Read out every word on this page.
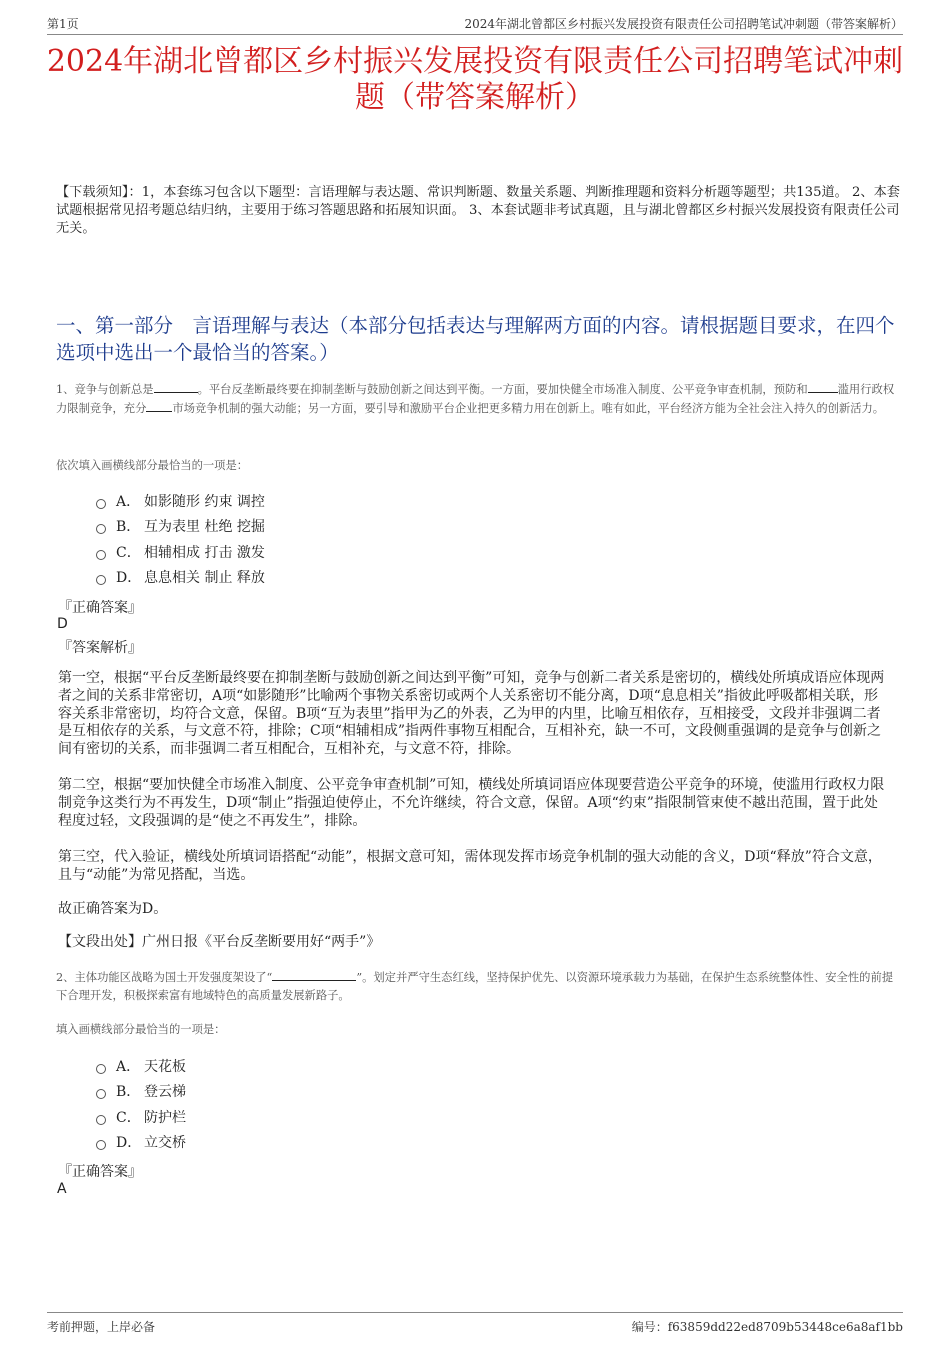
第1页	2024年湖北曾都区乡村振兴发展投资有限责任公司招聘笔试冲刺题（带答案解析）
2024年湖北曾都区乡村振兴发展投资有限责任公司招聘笔试冲刺题（带答案解析）
【下载须知】：1，本套练习包含以下题型：言语理解与表达题、常识判断题、数量关系题、判断推理题和资料分析题等题型；共135道。 2、本套试题根据常见招考题总结归纳，主要用于练习答题思路和拓展知识面。 3、本套试题非考试真题，且与湖北曾都区乡村振兴发展投资有限责任公司无关。
一、第一部分　言语理解与表达（本部分包括表达与理解两方面的内容。请根据题目要求，在四个选项中选出一个最恰当的答案。）
1、竞争与创新总是	。平台反垄断最终要在抑制垄断与鼓励创新之间达到平衡。一方面，要加快健全市场准入制度、公平竞争审查机制，预防和	滥用行政权力限制竞争，充分 市场竞争机制的强大动能；另一方面，要引导和激励平台企业把更多精力用在创新上。唯有如此，平台经济方能为全社会注入持久的创新活力。
依次填入画横线部分最恰当的一项是：
A． 如影随形 约束 调控
B． 互为表里 杜绝 挖掘
C． 相辅相成 打击 激发
D． 息息相关 制止 释放
『正确答案』
D
『答案解析』
第一空，根据“平台反垄断最终要在抑制垄断与鼓励创新之间达到平衡”可知，竞争与创新二者关系是密切的，横线处所填成语应体现两者之间的关系非常密切，A项“如影随形”比喻两个事物关系密切或两个人关系密切不能分离，D项“息息相关”指彼此呼吸都相关联，形容关系非常密切，均符合文意，保留。B项“互为表里”指甲为乙的外表，乙为甲的内里，比喻互相依存，互相接受，文段并非强调二者是互相依存的关系，与文意不符，排除；C项“相辅相成”指两件事物互相配合，互相补充，缺一不可，文段侧重强调的是竞争与创新之间有密切的关系，而非强调二者互相配合，互相补充，与文意不符，排除。
第二空，根据“要加快健全市场准入制度、公平竞争审查机制”可知，横线处所填词语应体现要营造公平竞争的环境，使滥用行政权力限制竞争这类行为不再发生，D项“制止”指强迫使停止，不允许继续，符合文意，保留。A项“约束”指限制管束使不越出范围，置于此处程度过轻，文段强调的是“使之不再发生”，排除。
第三空，代入验证，横线处所填词语搭配“动能”，根据文意可知，需体现发挥市场竞争机制的强大动能的含义，D项“释放”符合文意，且与“动能”为常见搭配，当选。
故正确答案为D。
【文段出处】广州日报《平台反垄断要用好“两手”》
2、主体功能区战略为国土开发强度架设了“	”。划定并严守生态红线，坚持保护优先、以资源环境承载力为基础，在保护生态系统整体性、安全性的前提下合理开发，积极探索富有地域特色的高质量发展新路子。
填入画横线部分最恰当的一项是：
A． 天花板
B． 登云梯
C． 防护栏
D． 立交桥
『正确答案』
A
考前押题，上岸必备	编号：f63859dd22ed8709b53448ce6a8af1bb
